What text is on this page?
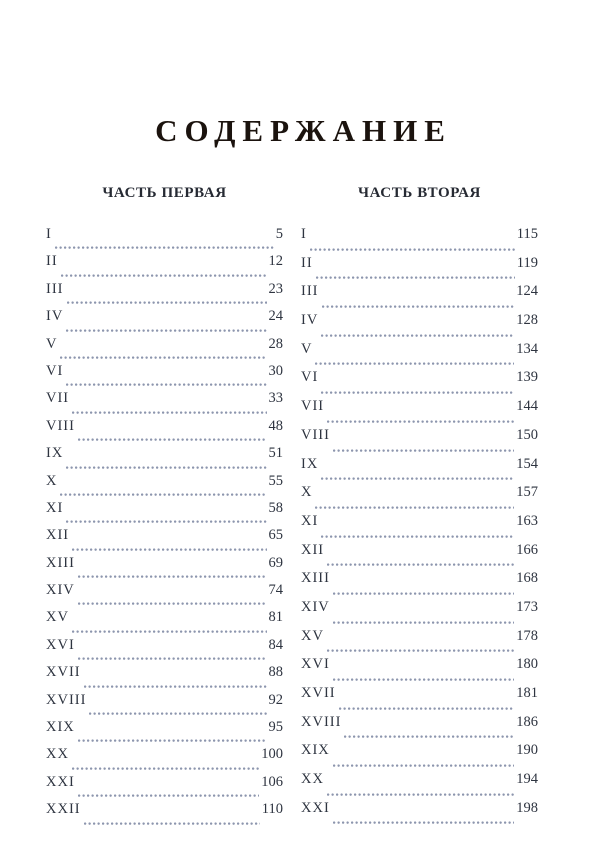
СОДЕРЖАНИЕ
ЧАСТЬ ПЕРВАЯ
I	5
II	12
III	23
IV	24
V	28
VI	30
VII	33
VIII	48
IX	51
X	55
XI	58
XII	65
XIII	69
XIV	74
XV	81
XVI	84
XVII	88
XVIII	92
XIX	95
XX	100
XXI	106
XXII	110
ЧАСТЬ ВТОРАЯ
I	115
II	119
III	124
IV	128
V	134
VI	139
VII	144
VIII	150
IX	154
X	157
XI	163
XII	166
XIII	168
XIV	173
XV	178
XVI	180
XVII	181
XVIII	186
XIX	190
XX	194
XXI	198
